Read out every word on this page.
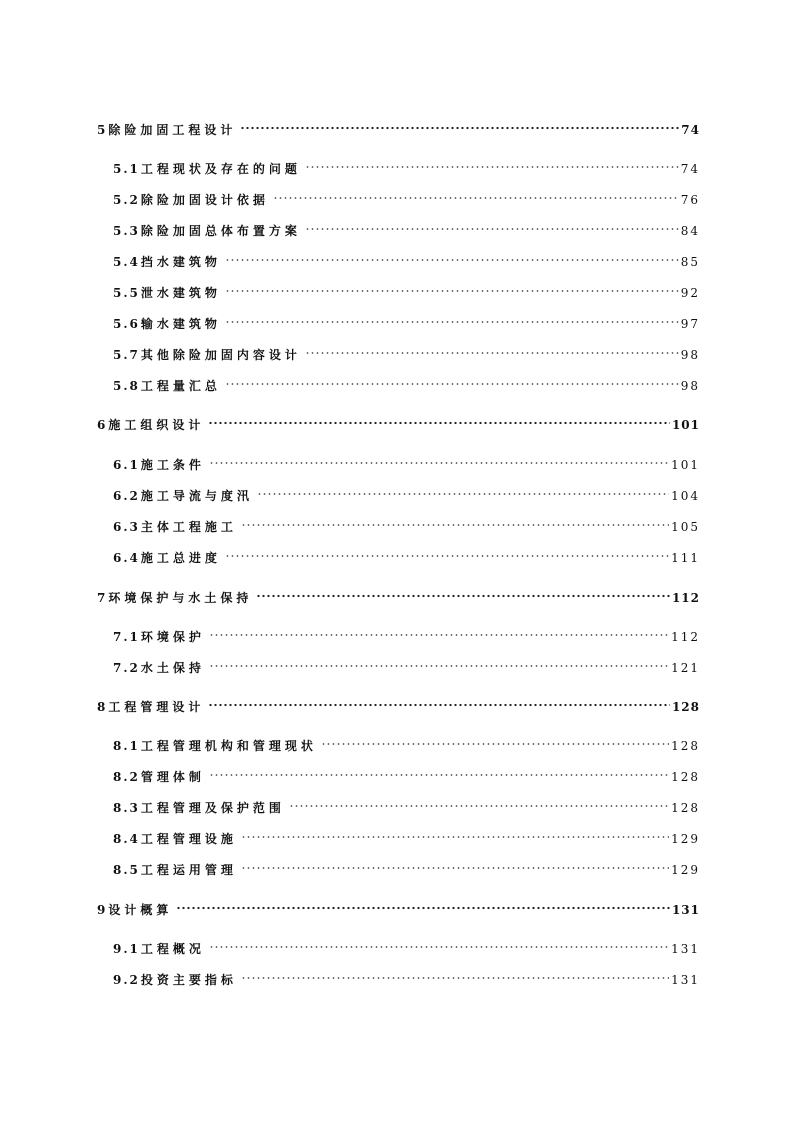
5 除险加固工程设计	74
5.1 工程现状及存在的问题	74
5.2 除险加固设计依据	76
5.3 除险加固总体布置方案	84
5.4 挡水建筑物	85
5.5 泄水建筑物	92
5.6 输水建筑物	97
5.7 其他除险加固内容设计	98
5.8 工程量汇总	98
6 施工组织设计	101
6.1 施工条件	101
6.2 施工导流与度汛	104
6.3 主体工程施工	105
6.4 施工总进度	111
7 环境保护与水土保持	112
7.1 环境保护	112
7.2 水土保持	121
8 工程管理设计	128
8.1 工程管理机构和管理现状	128
8.2 管理体制	128
8.3 工程管理及保护范围	128
8.4 工程管理设施	129
8.5 工程运用管理	129
9 设计概算	131
9.1 工程概况	131
9.2 投资主要指标	131
